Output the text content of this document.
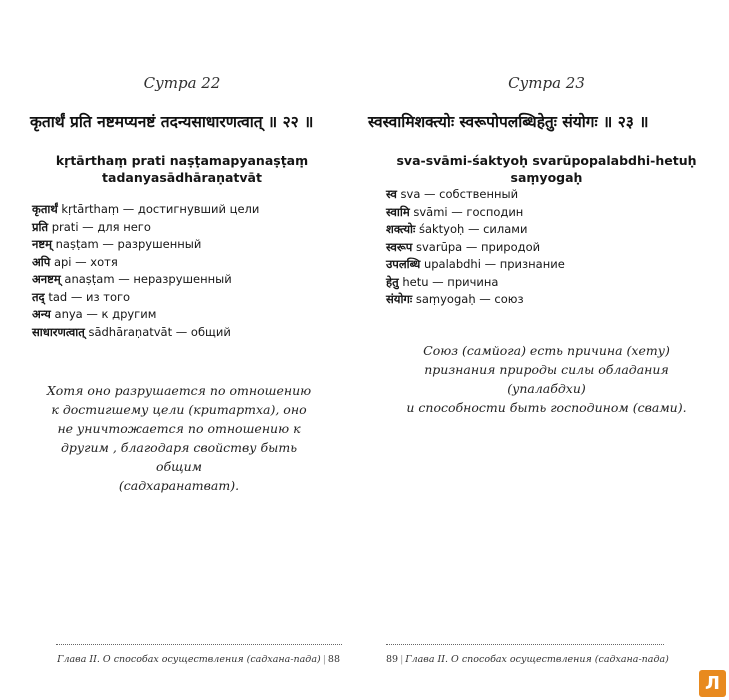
Сутра 22
कृतार्थं प्रति नष्टमप्यनष्टं तदन्यसाधारणत्वात् ॥ २२ ॥
kṛtārthaṃ prati naṣṭamapyanaṣṭaṃ
tadanyasādhāraṇatvāt
कृतार्थं kṛtārthaṃ — достигнувший цели
प्रति prati — для него
नष्टम् naṣṭam — разрушенный
अपि api — хотя
अनष्टम् anaṣṭam — неразрушенный
तद् tad — из того
अन्य anya — к другим
साधारणत्वात् sādhāraṇatvāt — общий
Хотя оно разрушается по отношению
к достигшему цели (критартха), оно
не уничтожается по отношению к
другим , благодаря свойству быть общим
(садхаранатват).
Глава II. О способах осуществления (садхана-пада) | 88
Сутра 23
स्वस्वामिशक्त्योः स्वरूपोपलब्धिहेतुः संयोगः ॥ २३ ॥
sva-svāmi-śaktyoḥ svarūpopalabdhi-hetuḥ saṃyogaḥ
स्व sva — собственный
स्वामि svāmi — господин
शक्त्योः śaktyoḥ — силами
स्वरूप svarūpa — природой
उपलब्धि upalabdhi — признание
हेतु hetu — причина
संयोगः saṃyogaḥ — союз
Союз (самйога) есть причина (хету)
признания природы силы обладания (упалабдхи)
и способности быть господином (свами).
89 | Глава II. О способах осуществления (садхана-пада)
Л
